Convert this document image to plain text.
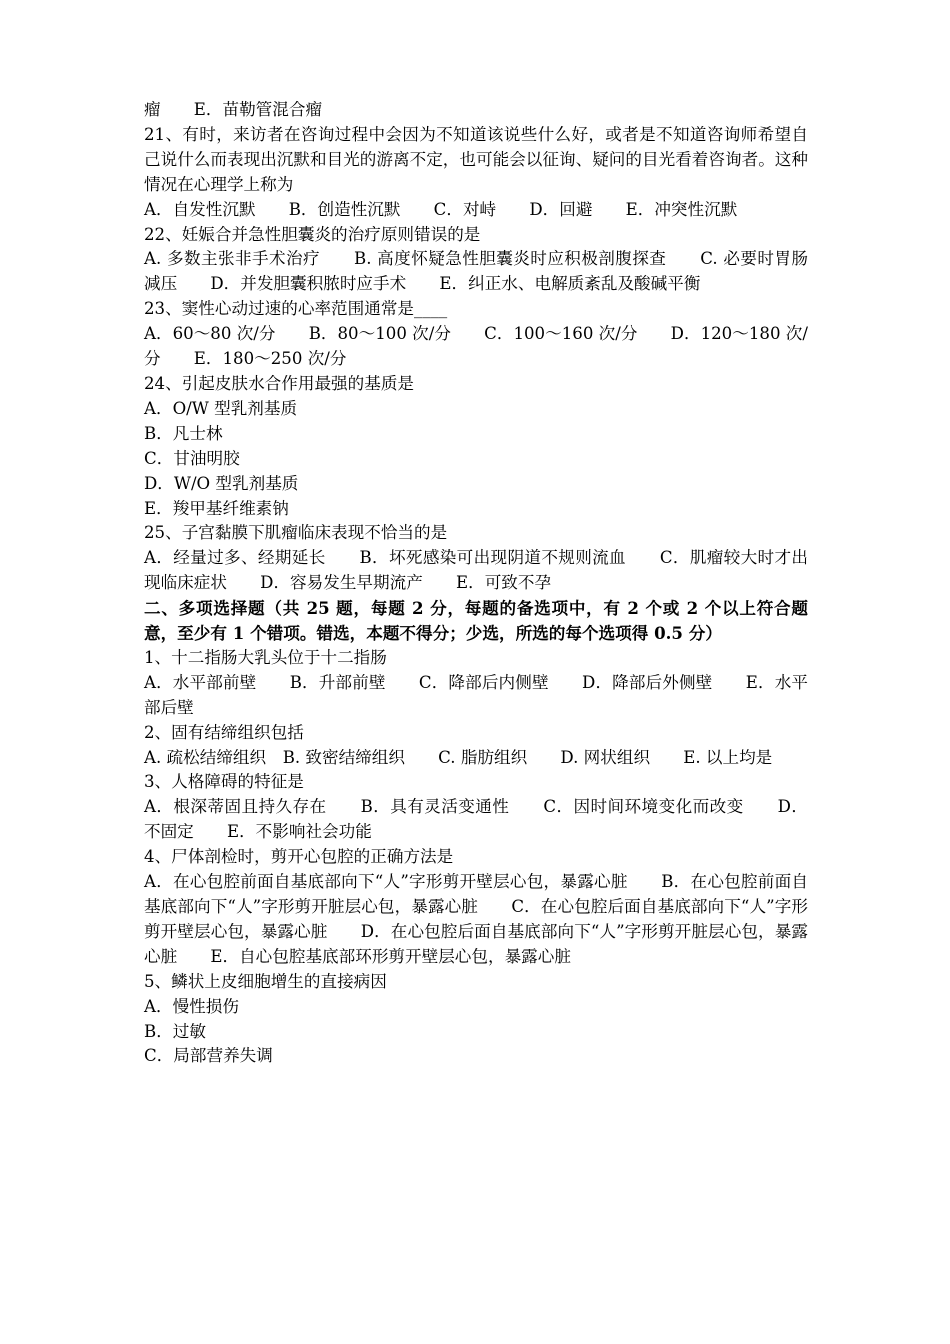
瘤　　E．苗勒管混合瘤

21、有时，来访者在咨询过程中会因为不知道该说些什么好，或者是不知道咨询师希望自己说什么而表现出沉默和目光的游离不定，也可能会以征询、疑问的目光看着咨询者。这种情况在心理学上称为

A．自发性沉默　　B．创造性沉默　　C．对峙　　D．回避　　E．冲突性沉默

22、妊娠合并急性胆囊炎的治疗原则错误的是

A. 多数主张非手术治疗　　B. 高度怀疑急性胆囊炎时应积极剖腹探查　　C. 必要时胃肠减压　　D．并发胆囊积脓时应手术　　E．纠正水、电解质紊乱及酸碱平衡

23、窦性心动过速的心率范围通常是____

A．60～80 次/分　　B．80～100 次/分　　C．100～160 次/分　　D．120～180 次/分　　E．180～250 次/分

24、引起皮肤水合作用最强的基质是

A．O/W 型乳剂基质

B．凡士林

C．甘油明胶

D．W/O 型乳剂基质

E．羧甲基纤维素钠

25、子宫黏膜下肌瘤临床表现不恰当的是

A．经量过多、经期延长　　B．坏死感染可出现阴道不规则流血　　C．肌瘤较大时才出现临床症状　　D．容易发生早期流产　　E．可致不孕

二、多项选择题（共 25 题，每题 2 分，每题的备选项中，有 2 个或 2 个以上符合题意，至少有 1 个错项。错选，本题不得分；少选，所选的每个选项得 0.5 分）

1、十二指肠大乳头位于十二指肠

A．水平部前壁　　B．升部前壁　　C．降部后内侧壁　　D．降部后外侧壁　　E．水平部后壁

2、固有结缔组织包括

A. 疏松结缔组织　B. 致密结缔组织　　C. 脂肪组织　　D. 网状组织　　E. 以上均是

3、人格障碍的特征是

A．根深蒂固且持久存在　　B．具有灵活变通性　　C．因时间环境变化而改变　　D．不固定　　E．不影响社会功能

4、尸体剖检时，剪开心包腔的正确方法是

A．在心包腔前面自基底部向下“人”字形剪开壁层心包，暴露心脏　　B．在心包腔前面自基底部向下“人”字形剪开脏层心包，暴露心脏　　C．在心包腔后面自基底部向下“人”字形剪开壁层心包，暴露心脏　　D．在心包腔后面自基底部向下“人”字形剪开脏层心包，暴露心脏　　E．自心包腔基底部环形剪开壁层心包，暴露心脏

5、鳞状上皮细胞增生的直接病因

A．慢性损伤

B．过敏

C．局部营养失调
